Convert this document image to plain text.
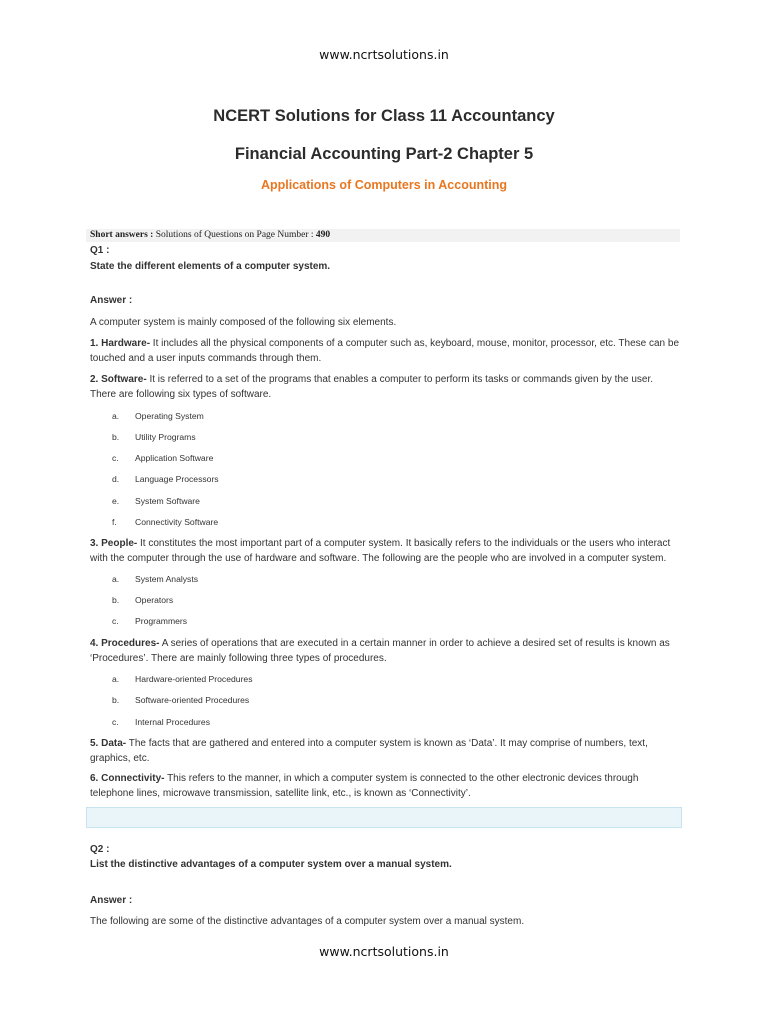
www.ncrtsolutions.in
NCERT Solutions for Class 11 Accountancy
Financial Accounting Part-2 Chapter 5
Applications of Computers in Accounting
Short answers : Solutions of Questions on Page Number : 490
Q1 :
State the different elements of a computer system.
Answer :
A computer system is mainly composed of the following six elements.
1. Hardware- It includes all the physical components of a computer such as, keyboard, mouse, monitor, processor, etc. These can be touched and a user inputs commands through them.
2. Software- It is referred to a set of the programs that enables a computer to perform its tasks or commands given by the user. There are following six types of software.
a.	Operating System
b.	Utility Programs
c.	Application Software
d.	Language Processors
e.	System Software
f.	Connectivity Software
3. People- It constitutes the most important part of a computer system. It basically refers to the individuals or the users who interact with the computer through the use of hardware and software. The following are the people who are involved in a computer system.
a.	System Analysts
b.	Operators
c.	Programmers
4. Procedures- A series of operations that are executed in a certain manner in order to achieve a desired set of results is known as ‘Procedures’. There are mainly following three types of procedures.
a.	Hardware-oriented Procedures
b.	Software-oriented Procedures
c.	Internal Procedures
5. Data- The facts that are gathered and entered into a computer system is known as ‘Data’. It may comprise of numbers, text, graphics, etc.
6. Connectivity- This refers to the manner, in which a computer system is connected to the other electronic devices through telephone lines, microwave transmission, satellite link, etc., is known as ‘Connectivity’.
Q2 :
List the distinctive advantages of a computer system over a manual system.
Answer :
The following are some of the distinctive advantages of a computer system over a manual system.
www.ncrtsolutions.in
